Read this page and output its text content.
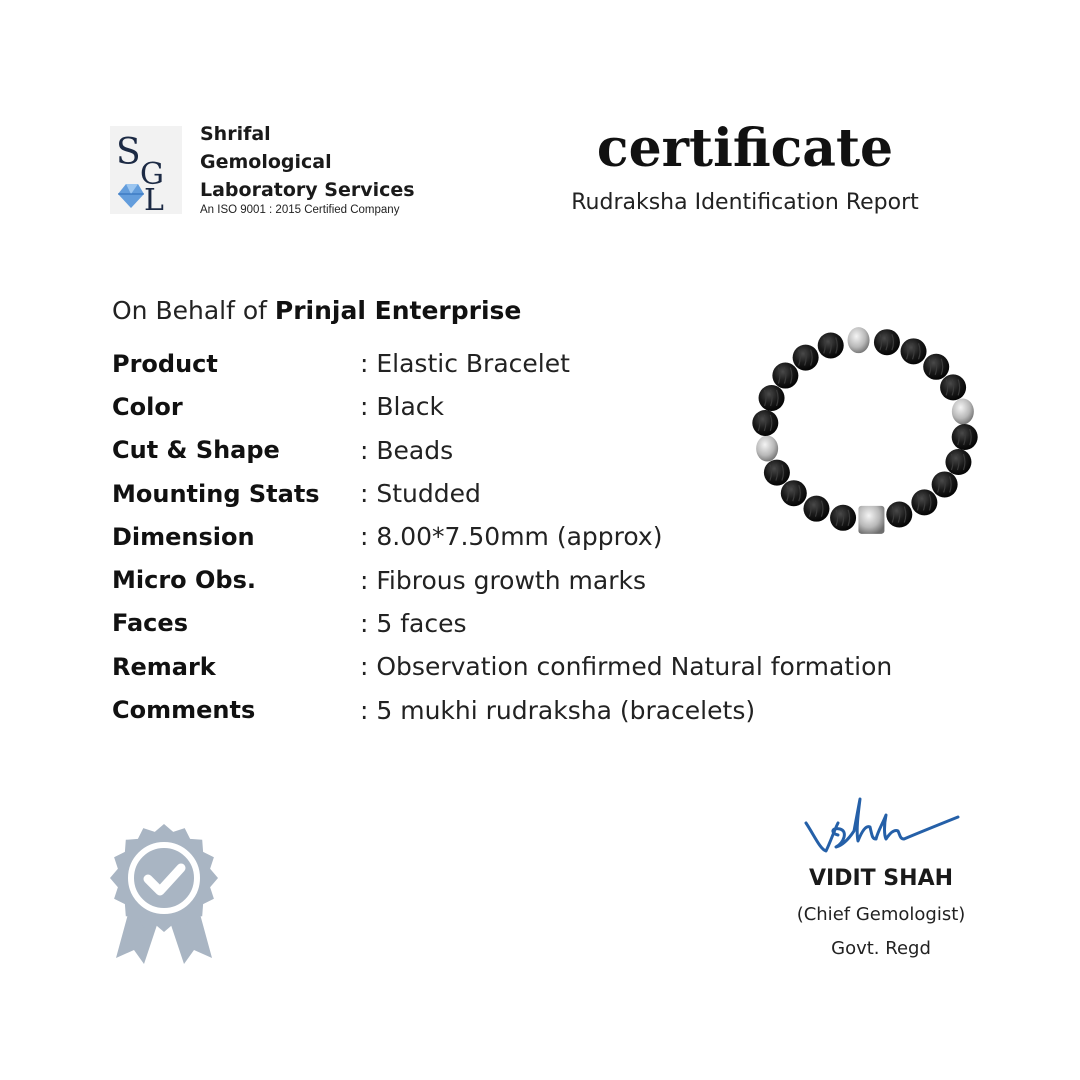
S
G
L
Shrifal
Gemological
Laboratory Services
An ISO 9001 : 2015 Certified Company
certificate
Rudraksha Identification Report
On Behalf of Prinjal Enterprise
Product	: Elastic Bracelet
Color	: Black
Cut & Shape	: Beads
Mounting Stats	: Studded
Dimension	: 8.00*7.50mm (approx)
Micro Obs.	: Fibrous growth marks
Faces	: 5 faces
Remark	: Observation confirmed Natural formation
Comments	: 5 mukhi rudraksha (bracelets)
VIDIT SHAH
(Chief Gemologist)
Govt. Regd
